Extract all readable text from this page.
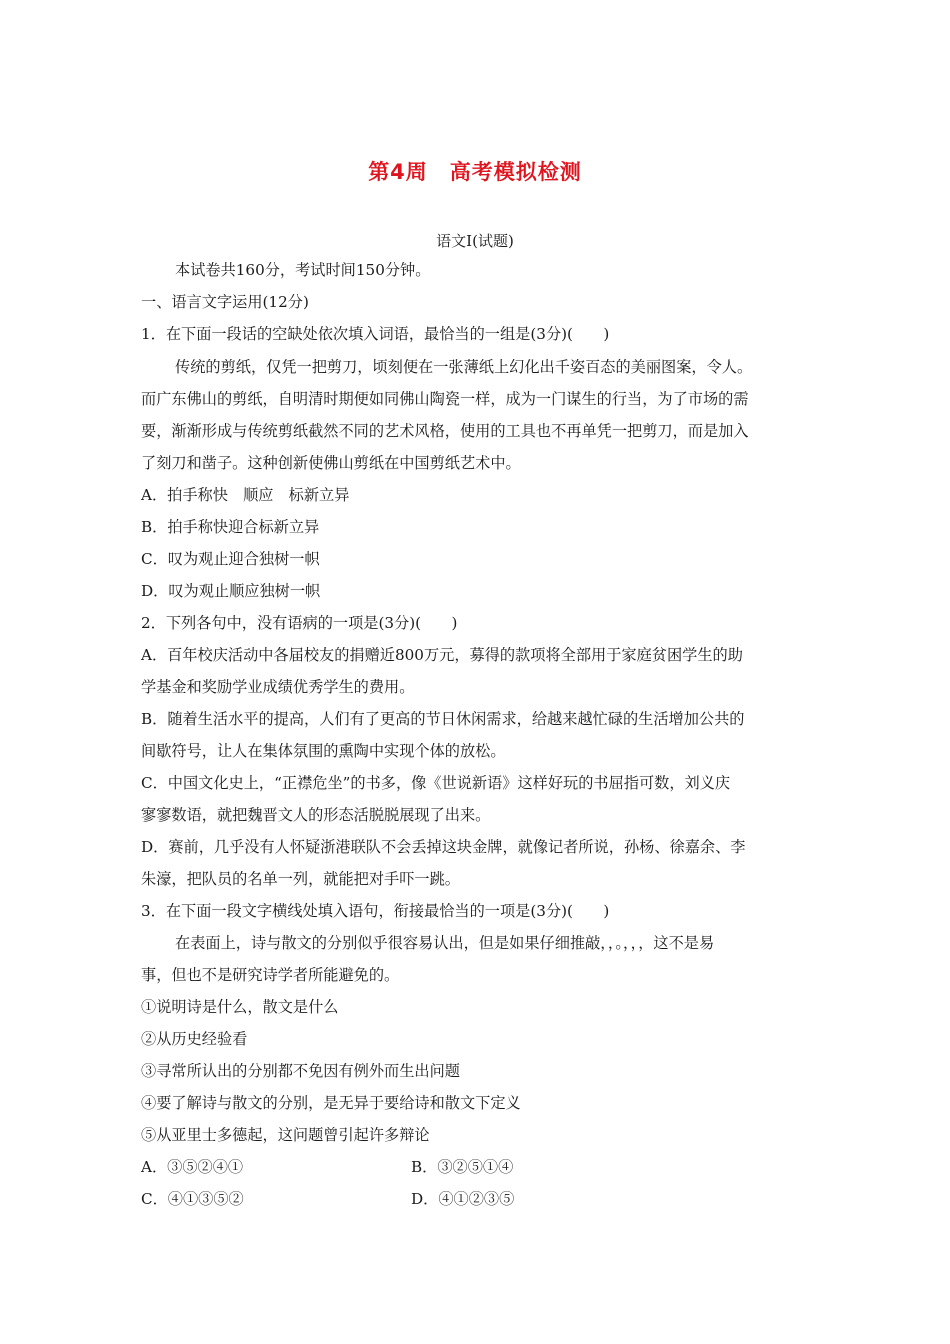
第4周　高考模拟检测
语文Ⅰ(试题)
本试卷共160分，考试时间150分钟。
一、语言文字运用(12分)
1．在下面一段话的空缺处依次填入词语，最恰当的一组是(3分)(　　)
传统的剪纸，仅凭一把剪刀，顷刻便在一张薄纸上幻化出千姿百态的美丽图案，令人。
而广东佛山的剪纸，自明清时期便如同佛山陶瓷一样，成为一门谋生的行当，为了市场的需
要，渐渐形成与传统剪纸截然不同的艺术风格，使用的工具也不再单凭一把剪刀，而是加入
了刻刀和凿子。这种创新使佛山剪纸在中国剪纸艺术中。
A．拍手称快　顺应　标新立异
B．拍手称快迎合标新立异
C．叹为观止迎合独树一帜
D．叹为观止顺应独树一帜
2．下列各句中，没有语病的一项是(3分)(　　)
A．百年校庆活动中各届校友的捐赠近800万元，募得的款项将全部用于家庭贫困学生的助
学基金和奖励学业成绩优秀学生的费用。
B．随着生活水平的提高，人们有了更高的节日休闲需求，给越来越忙碌的生活增加公共的
间歇符号，让人在集体氛围的熏陶中实现个体的放松。
C．中国文化史上，“正襟危坐”的书多，像《世说新语》这样好玩的书屈指可数，刘义庆
寥寥数语，就把魏晋文人的形态活脱脱展现了出来。
D．赛前，几乎没有人怀疑浙港联队不会丢掉这块金牌，就像记者所说，孙杨、徐嘉余、李
朱濠，把队员的名单一列，就能把对手吓一跳。
3．在下面一段文字横线处填入语句，衔接最恰当的一项是(3分)(　　)
在表面上，诗与散文的分别似乎很容易认出，但是如果仔细推敲，，。，，，这不是易
事，但也不是研究诗学者所能避免的。
①说明诗是什么，散文是什么
②从历史经验看
③寻常所认出的分别都不免因有例外而生出问题
④要了解诗与散文的分别，是无异于要给诗和散文下定义
⑤从亚里士多德起，这问题曾引起许多辩论
A．③⑤②④①	B．③②⑤①④
C．④①③⑤②	D．④①②③⑤
